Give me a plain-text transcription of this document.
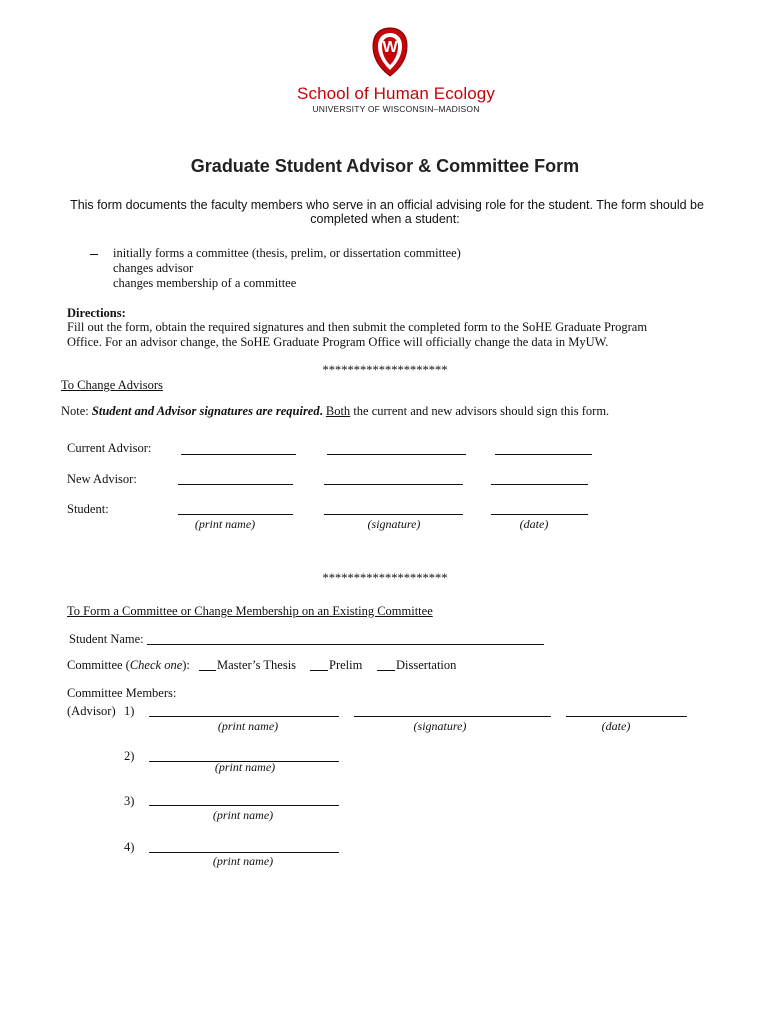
W
School of Human Ecology
UNIVERSITY OF WISCONSIN–MADISON
Graduate Student Advisor & Committee Form
This form documents the faculty members who serve in an official advising role for the student. The form should be
completed when a student:
initially forms a committee (thesis, prelim, or dissertation committee)
changes advisor
changes membership of a committee
Directions:
Fill out the form, obtain the required signatures and then submit the completed form to the SoHE Graduate Program
Office. For an advisor change, the SoHE Graduate Program Office will officially change the data in MyUW.
********************
To Change Advisors
Note: Student and Advisor signatures are required. Both the current and new advisors should sign this form.
Current Advisor:
New Advisor:
Student:
(print name)	(signature)	(date)
********************
To Form a Committee or Change Membership on an Existing Committee
Student Name:
Committee (Check one): Master’s Thesis	Prelim	Dissertation
Committee Members:
(Advisor) 1)
(print name)	(signature)	(date)
2)
(print name)
3)
(print name)
4)
(print name)
